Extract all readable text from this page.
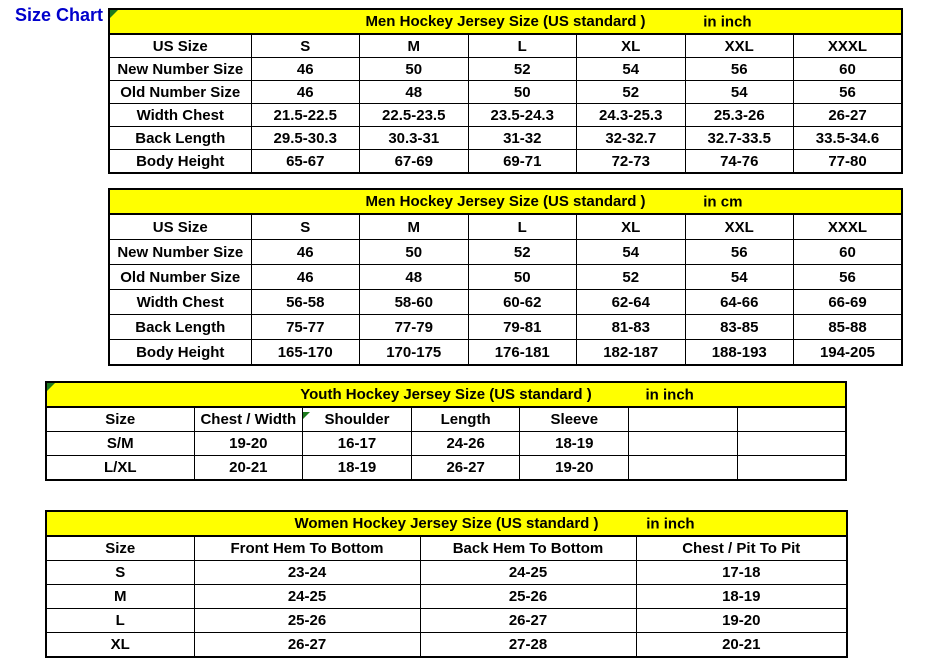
Size Chart	Men Hockey Jersey Size (US standard )	in inch
US Size	S	M	L	XL	XXL	XXXL
New Number Size	46	50	52	54	56	60
Old Number Size	46	48	50	52	54	56
Width Chest	21.5-22.5	22.5-23.5	23.5-24.3	24.3-25.3	25.3-26	26-27
Back Length	29.5-30.3	30.3-31	31-32	32-32.7	32.7-33.5	33.5-34.6
Body Height	65-67	67-69	69-71	72-73	74-76	77-80
Men Hockey Jersey Size (US standard )	in cm
US Size	S	M	L	XL	XXL	XXXL
New Number Size	46	50	52	54	56	60
Old Number Size	46	48	50	52	54	56
Width Chest	56-58	58-60	60-62	62-64	64-66	66-69
Back Length	75-77	77-79	79-81	81-83	83-85	85-88
Body Height	165-170	170-175	176-181	182-187	188-193	194-205
Youth Hockey Jersey Size (US standard )	in inch
Size	Chest / Width	Shoulder	Length	Sleeve		
S/M	19-20	16-17	24-26	18-19		
L/XL	20-21	18-19	26-27	19-20		
Women Hockey Jersey Size (US standard )	in inch
Size	Front Hem To Bottom	Back Hem To Bottom	Chest / Pit To Pit
S	23-24	24-25	17-18
M	24-25	25-26	18-19
L	25-26	26-27	19-20
XL	26-27	27-28	20-21
